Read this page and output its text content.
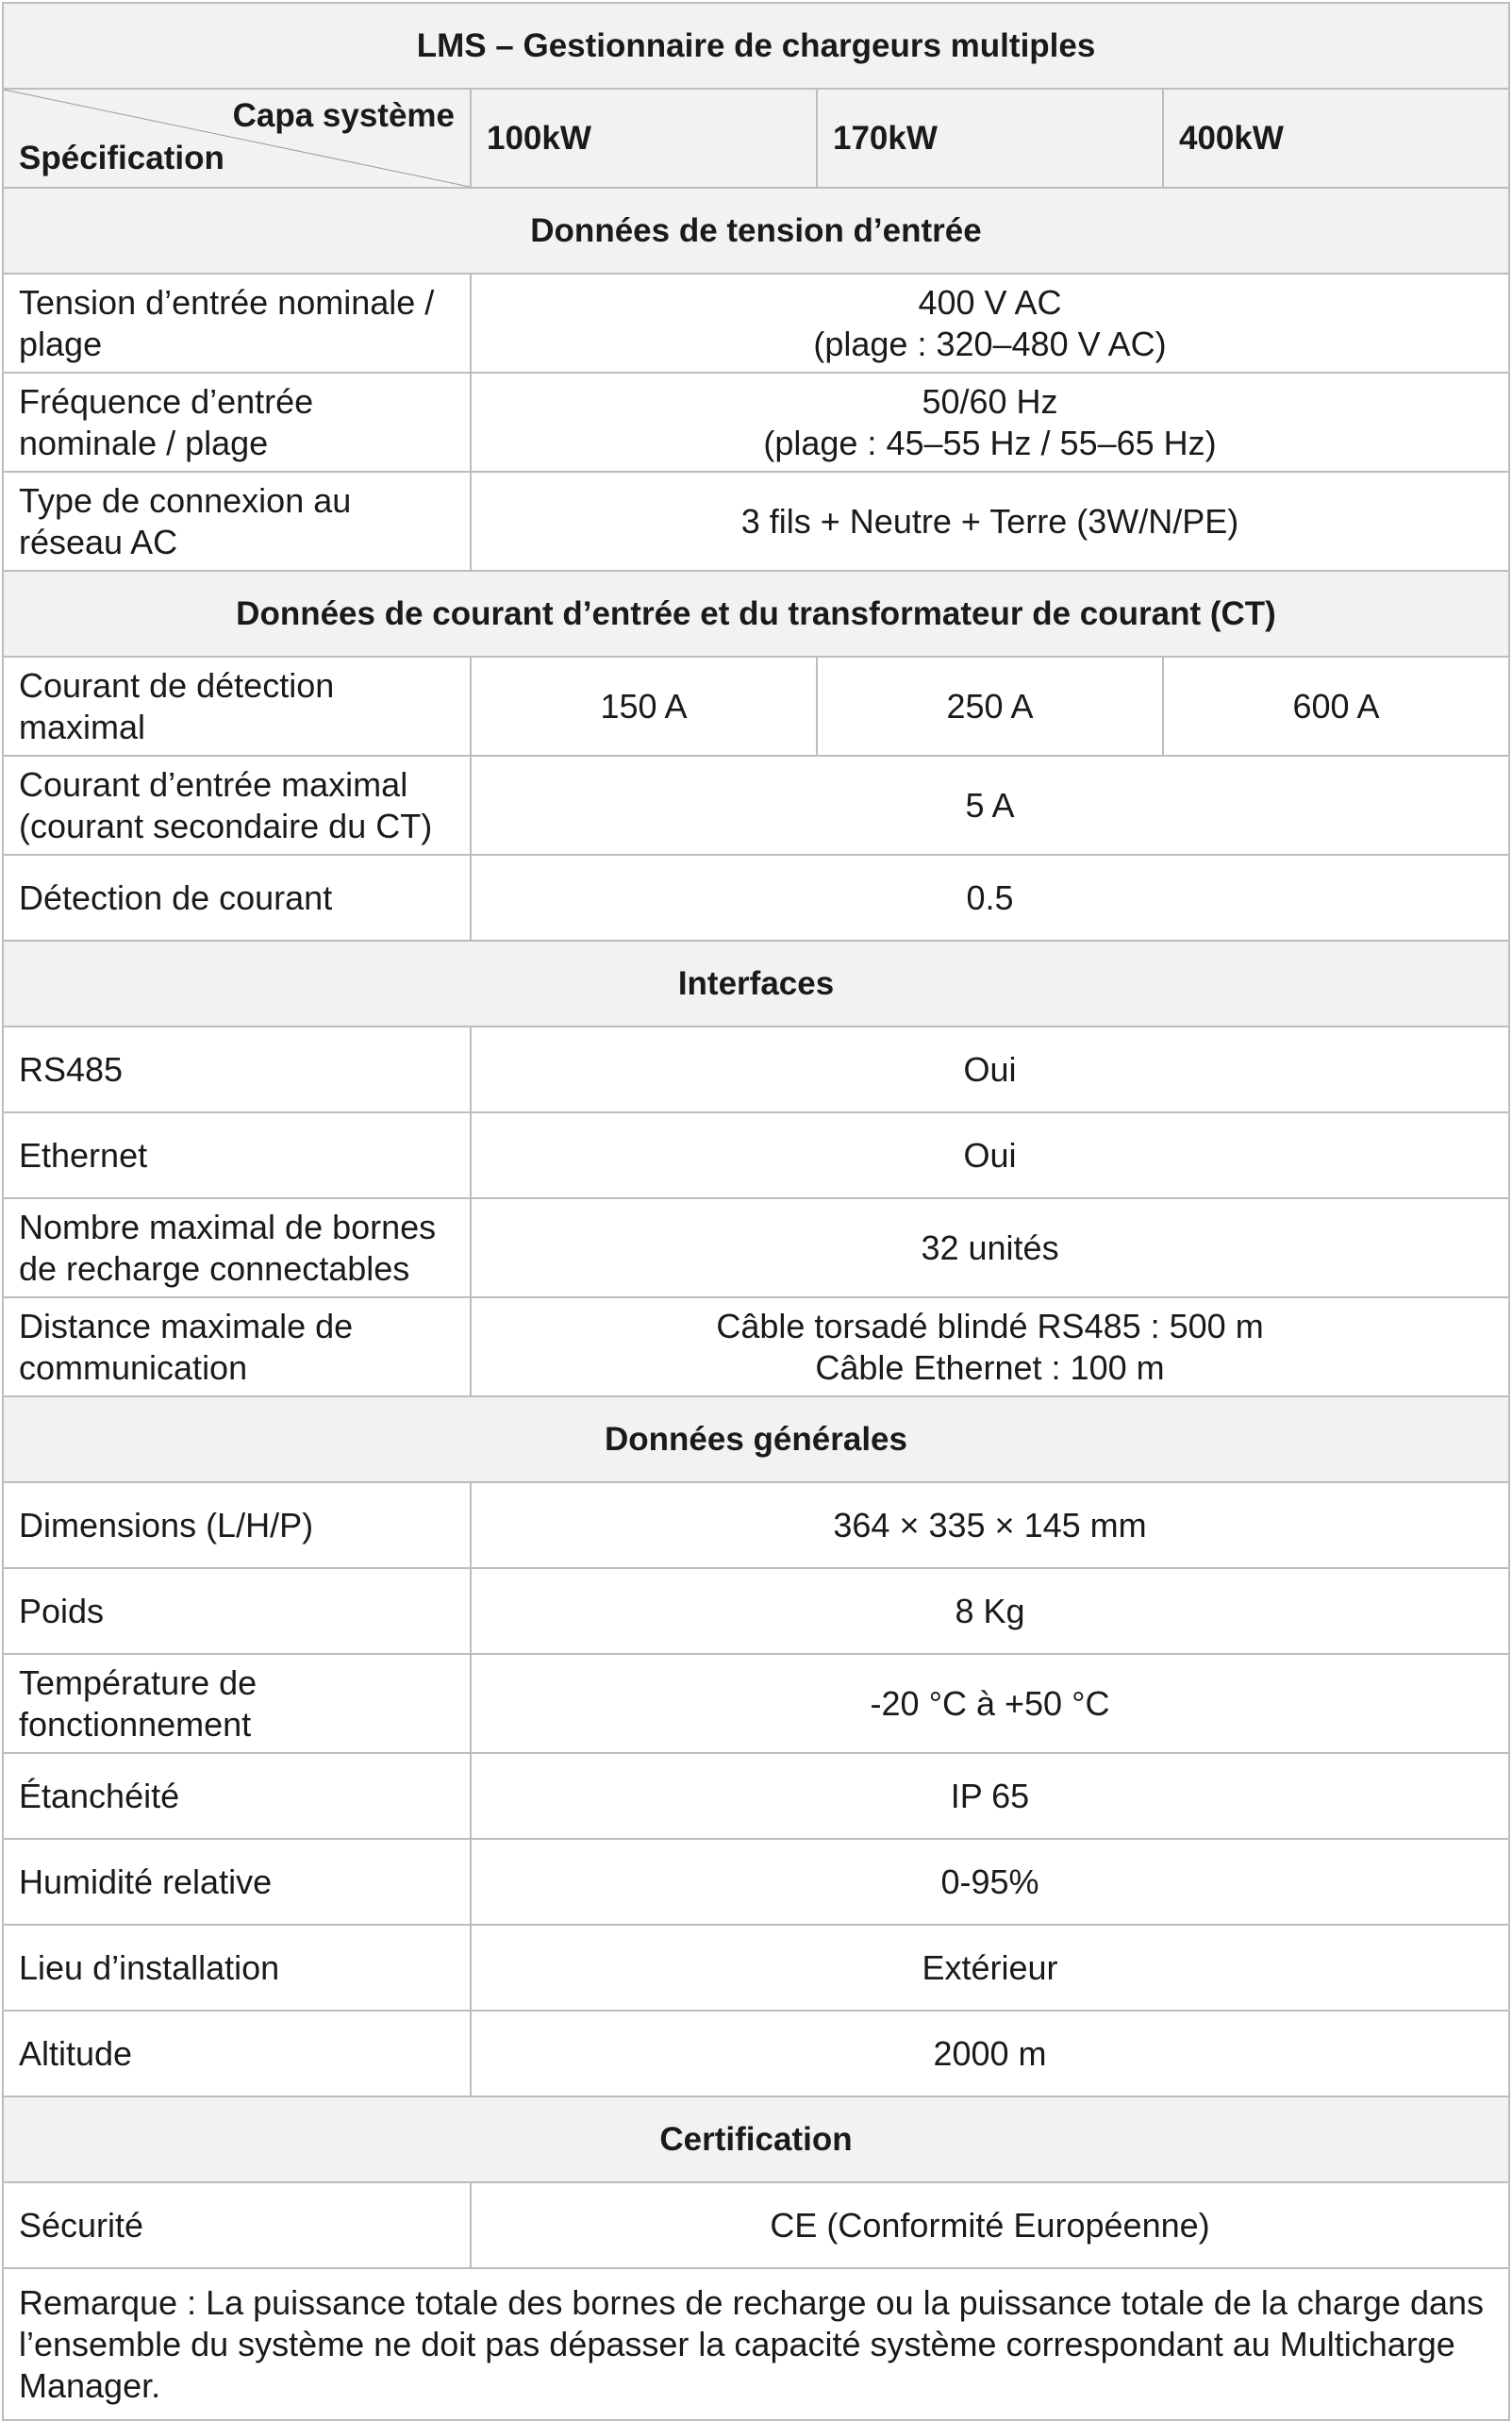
LMS – Gestionnaire de chargeurs multiples			

Capa système
Spécification	100kW	170kW	400kW
Données de tension d’entrée			
Tension d’entrée nominale / plage	400 V AC
(plage : 320–480 V AC)		
Fréquence d’entrée nominale / plage	50/60 Hz
(plage : 45–55 Hz / 55–65 Hz)		
Type de connexion au réseau AC	3 fils + Neutre + Terre (3W/N/PE)		
Données de courant d’entrée et du transformateur de courant (CT)			
Courant de détection maximal	150 A	250 A	600 A
Courant d’entrée maximal (courant secondaire du CT)	5 A		
Détection de courant	0.5		
Interfaces			
RS485	Oui		
Ethernet	Oui		
Nombre maximal de bornes de recharge connectables	32 unités		
Distance maximale de communication	Câble torsadé blindé RS485 : 500 m
Câble Ethernet : 100 m		
Données générales			
Dimensions (L/H/P)	364 × 335 × 145 mm		
Poids	8 Kg		
Température de fonctionnement	-20 °C à +50 °C		
Étanchéité	IP 65		
Humidité relative	0-95%		
Lieu d’installation	Extérieur		
Altitude	2000 m		
Certification			
Sécurité	CE (Conformité Européenne)		
Remarque : La puissance totale des bornes de recharge ou la puissance totale de la charge dans l’ensemble du système ne doit pas dépasser la capacité système correspondant au Multicharge Manager.			
